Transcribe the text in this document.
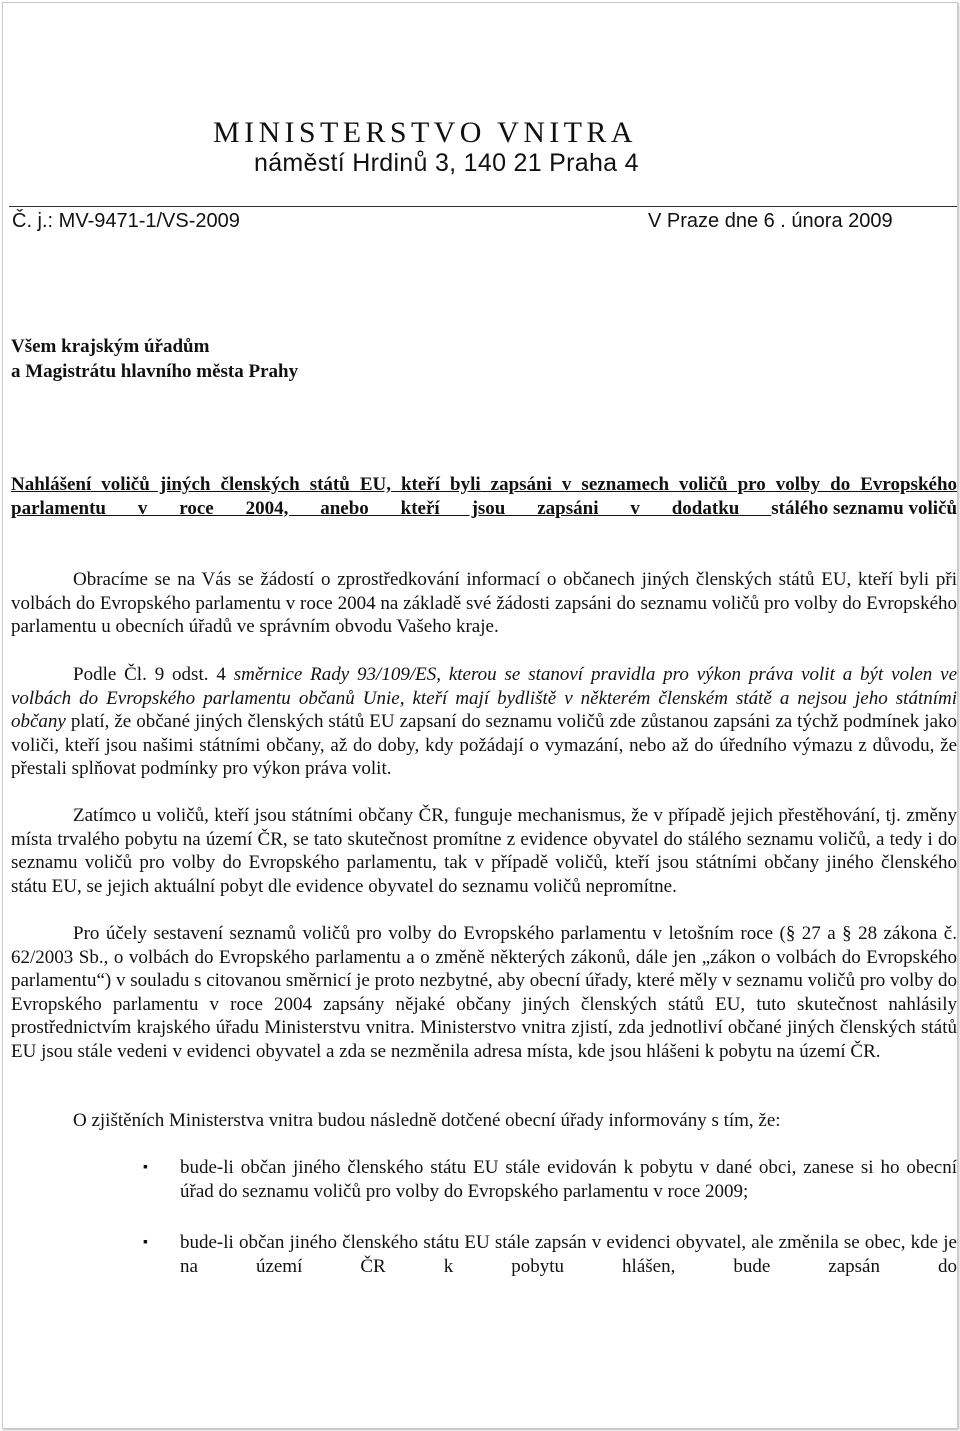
MINISTERSTVO VNITRA
náměstí Hrdinů 3, 140 21 Praha 4
Č. j.: MV-9471-1/VS-2009	V Praze dne 6 . února 2009
Všem krajským úřadům
a Magistrátu hlavního města Prahy
Nahlášení voličů jiných členských států EU, kteří byli zapsáni v seznamech voličů pro volby do Evropského parlamentu v roce 2004, anebo kteří jsou zapsáni v dodatku stálého seznamu voličů
Obracíme se na Vás se žádostí o zprostředkování informací o občanech jiných členských států EU, kteří byli při volbách do Evropského parlamentu v roce 2004 na základě své žádosti zapsáni do seznamu voličů pro volby do Evropského parlamentu u obecních úřadů ve správním obvodu Vašeho kraje.
Podle Čl. 9 odst. 4 směrnice Rady 93/109/ES, kterou se stanoví pravidla pro výkon práva volit a být volen ve volbách do Evropského parlamentu občanů Unie, kteří mají bydliště v některém členském státě a nejsou jeho státními občany platí, že občané jiných členských států EU zapsaní do seznamu voličů zde zůstanou zapsáni za týchž podmínek jako voliči, kteří jsou našimi státními občany, až do doby, kdy požádají o vymazání, nebo až do úředního výmazu z důvodu, že přestali splňovat podmínky pro výkon práva volit.
Zatímco u voličů, kteří jsou státními občany ČR, funguje mechanismus, že v případě jejich přestěhování, tj. změny místa trvalého pobytu na území ČR, se tato skutečnost promítne z evidence obyvatel do stálého seznamu voličů, a tedy i do seznamu voličů pro volby do Evropského parlamentu, tak v případě voličů, kteří jsou státními občany jiného členského státu EU, se jejich aktuální pobyt dle evidence obyvatel do seznamu voličů nepromítne.
Pro účely sestavení seznamů voličů pro volby do Evropského parlamentu v letošním roce (§ 27 a § 28 zákona č. 62/2003 Sb., o volbách do Evropského parlamentu a o změně některých zákonů, dále jen „zákon o volbách do Evropského parlamentu“) v souladu s citovanou směrnicí je proto nezbytné, aby obecní úřady, které měly v seznamu voličů pro volby do Evropského parlamentu v roce 2004 zapsány nějaké občany jiných členských států EU, tuto skutečnost nahlásily prostřednictvím krajského úřadu Ministerstvu vnitra. Ministerstvo vnitra zjistí, zda jednotliví občané jiných členských států EU jsou stále vedeni v evidenci obyvatel a zda se nezměnila adresa místa, kde jsou hlášeni k pobytu na území ČR.
O zjištěních Ministerstva vnitra budou následně dotčené obecní úřady informovány s tím, že:
▪ bude-li občan jiného členského státu EU stále evidován k pobytu v dané obci, zanese si ho obecní úřad do seznamu voličů pro volby do Evropského parlamentu v roce 2009;
▪ bude-li občan jiného členského státu EU stále zapsán v evidenci obyvatel, ale změnila se obec, kde je na území ČR k pobytu hlášen, bude zapsán do
